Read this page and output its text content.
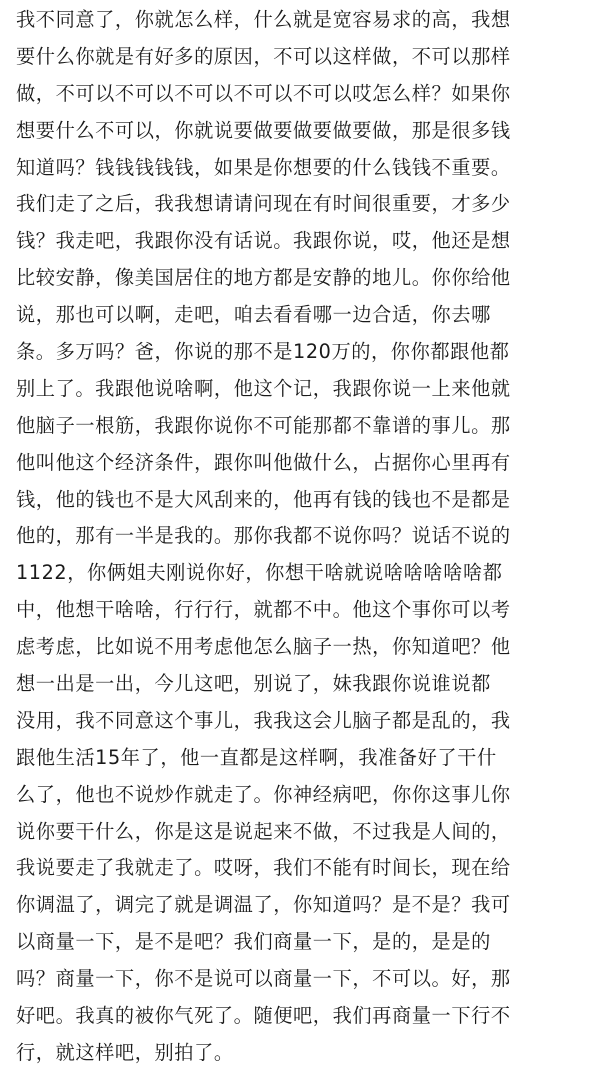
我不同意了，你就怎么样，什么就是宽容易求的高，我想
要什么你就是有好多的原因，不可以这样做，不可以那样
做，不可以不可以不可以不可以不可以哎怎么样？如果你
想要什么不可以，你就说要做要做要做要做，那是很多钱
知道吗？钱钱钱钱钱，如果是你想要的什么钱钱不重要。
我们走了之后，我我想请请问现在有时间很重要，才多少
钱？我走吧，我跟你没有话说。我跟你说，哎，他还是想
比较安静，像美国居住的地方都是安静的地儿。你你给他
说，那也可以啊，走吧，咱去看看哪一边合适，你去哪
条。多万吗？爸，你说的那不是120万的，你你都跟他都
别上了。我跟他说啥啊，他这个记，我跟你说一上来他就
他脑子一根筋，我跟你说你不可能那都不靠谱的事儿。那
他叫他这个经济条件，跟你叫他做什么，占据你心里再有
钱，他的钱也不是大风刮来的，他再有钱的钱也不是都是
他的，那有一半是我的。那你我都不说你吗？说话不说的
1122，你俩姐夫刚说你好，你想干啥就说啥啥啥啥啥都
中，他想干啥啥，行行行，就都不中。他这个事你可以考
虑考虑，比如说不用考虑他怎么脑子一热，你知道吧？他
想一出是一出，今儿这吧，别说了，妹我跟你说谁说都
没用，我不同意这个事儿，我我这会儿脑子都是乱的，我
跟他生活15年了，他一直都是这样啊，我准备好了干什
么了，他也不说炒作就走了。你神经病吧，你你这事儿你
说你要干什么，你是这是说起来不做，不过我是人间的，
我说要走了我就走了。哎呀，我们不能有时间长，现在给
你调温了，调完了就是调温了，你知道吗？是不是？我可
以商量一下，是不是吧？我们商量一下，是的，是是的
吗？商量一下，你不是说可以商量一下，不可以。好，那
好吧。我真的被你气死了。随便吧，我们再商量一下行不
行，就这样吧，别拍了。
